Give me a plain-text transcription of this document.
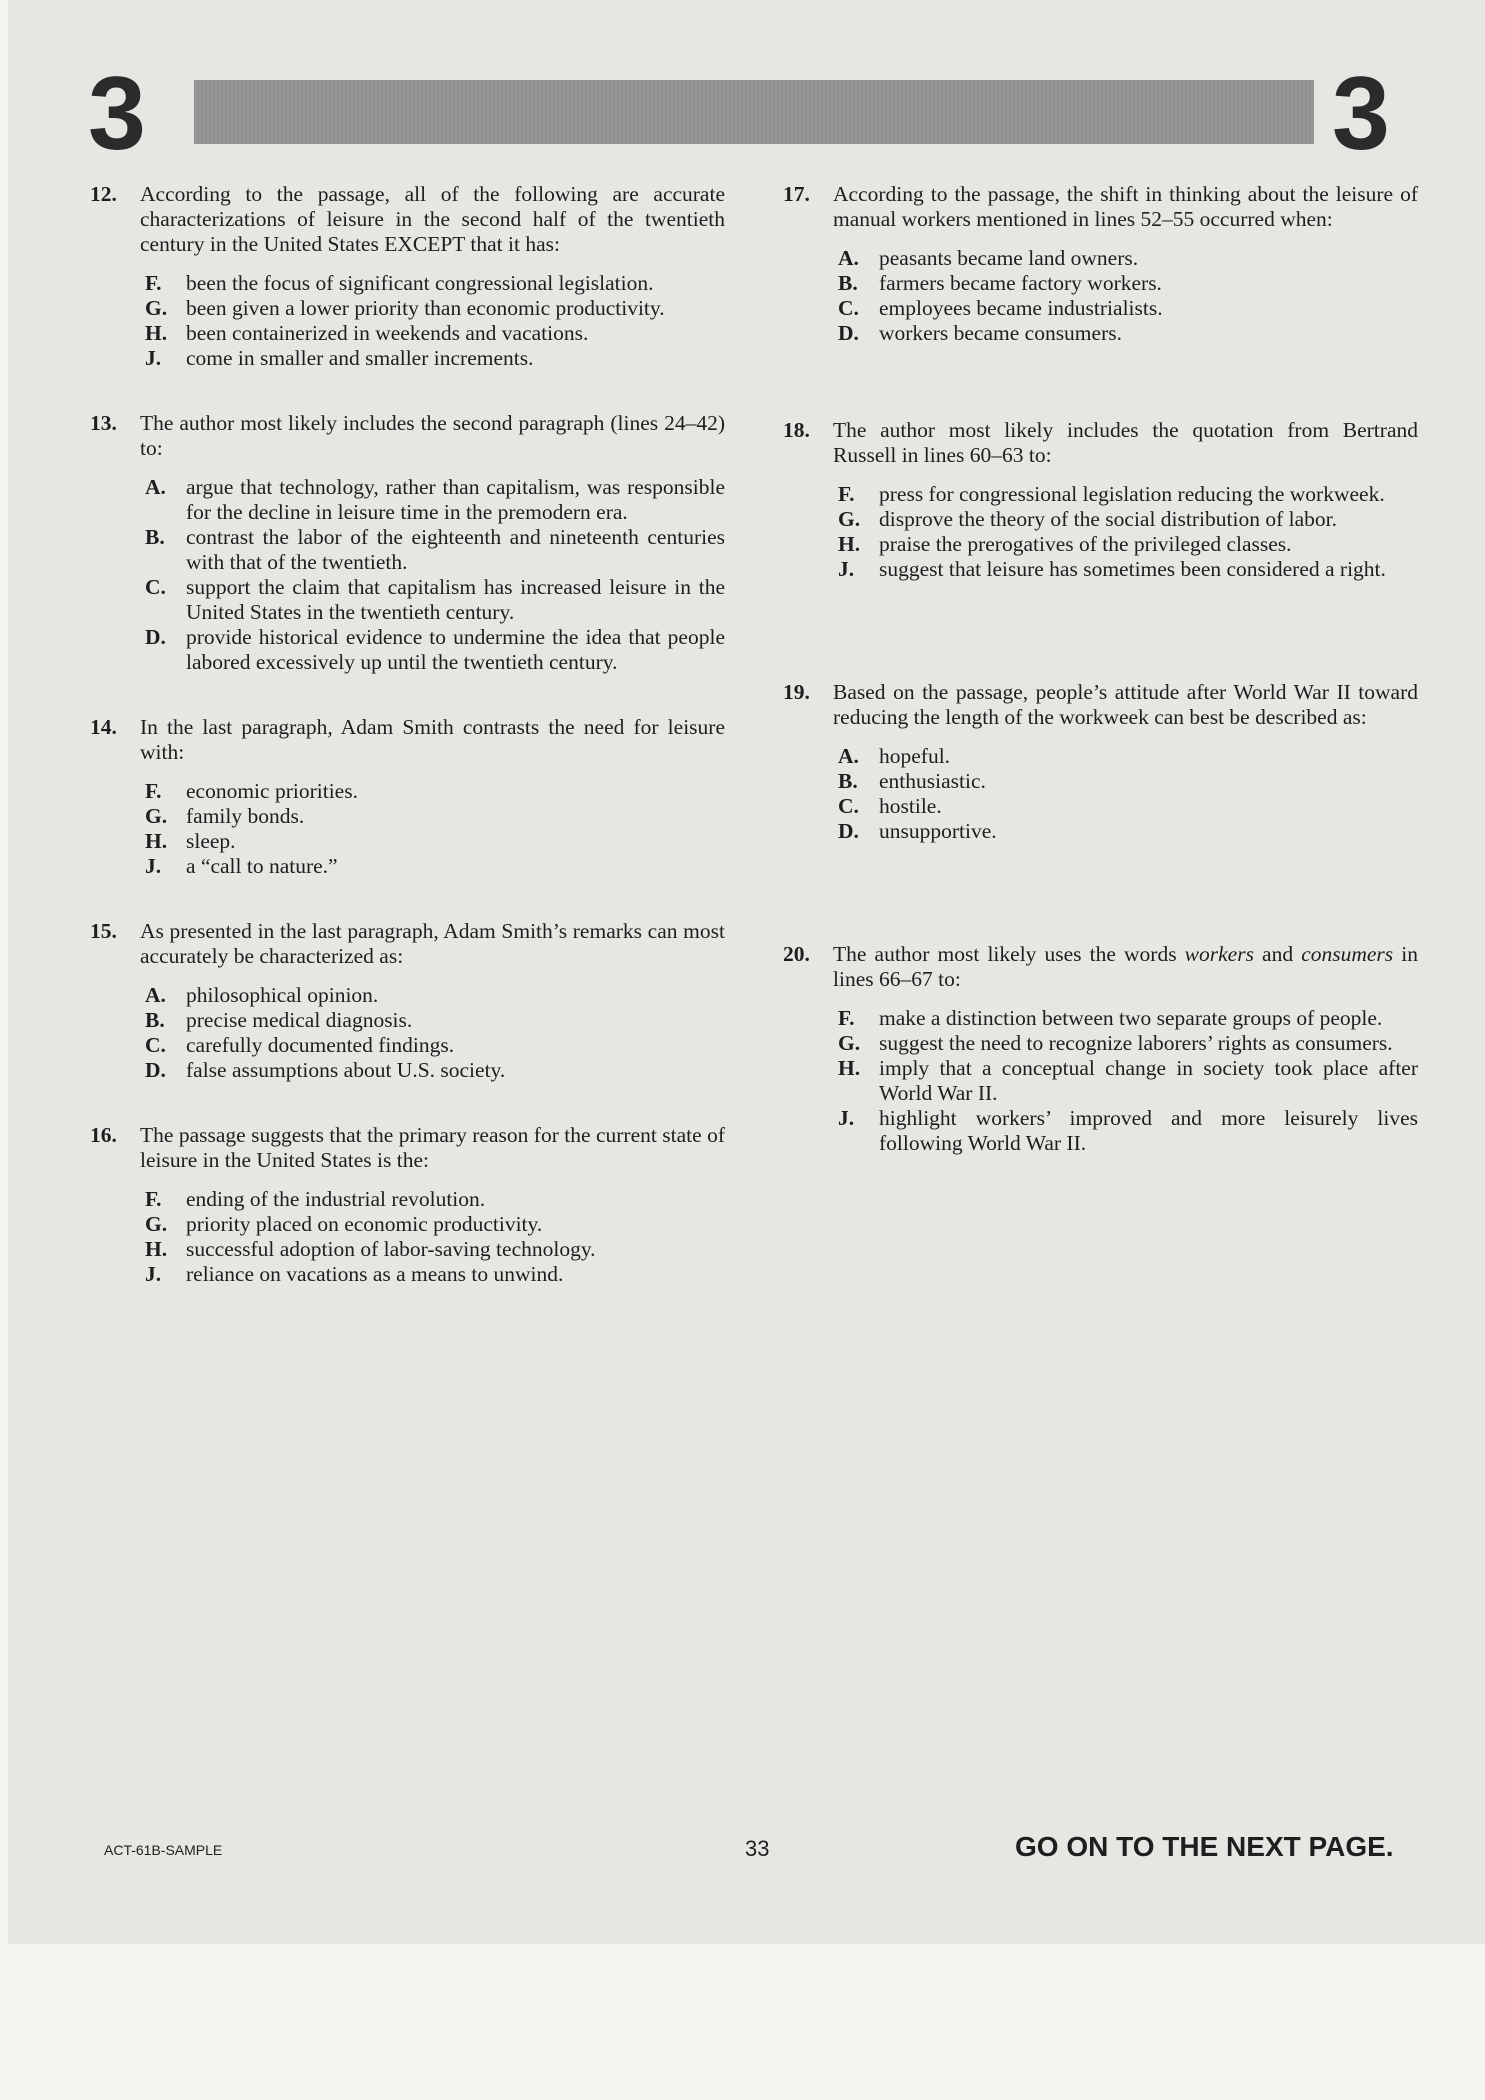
3	3
12. According to the passage, all of the following are accurate characterizations of leisure in the second half of the twentieth century in the United States EXCEPT that it has:
F. been the focus of significant congressional legislation.
G. been given a lower priority than economic productivity.
H. been containerized in weekends and vacations.
J. come in smaller and smaller increments.
13. The author most likely includes the second paragraph (lines 24–42) to:
A. argue that technology, rather than capitalism, was responsible for the decline in leisure time in the premodern era.
B. contrast the labor of the eighteenth and nineteenth centuries with that of the twentieth.
C. support the claim that capitalism has increased leisure in the United States in the twentieth century.
D. provide historical evidence to undermine the idea that people labored excessively up until the twentieth century.
14. In the last paragraph, Adam Smith contrasts the need for leisure with:
F. economic priorities.
G. family bonds.
H. sleep.
J. a “call to nature.”
15. As presented in the last paragraph, Adam Smith’s remarks can most accurately be characterized as:
A. philosophical opinion.
B. precise medical diagnosis.
C. carefully documented findings.
D. false assumptions about U.S. society.
16. The passage suggests that the primary reason for the current state of leisure in the United States is the:
F. ending of the industrial revolution.
G. priority placed on economic productivity.
H. successful adoption of labor-saving technology.
J. reliance on vacations as a means to unwind.
17. According to the passage, the shift in thinking about the leisure of manual workers mentioned in lines 52–55 occurred when:
A. peasants became land owners.
B. farmers became factory workers.
C. employees became industrialists.
D. workers became consumers.
18. The author most likely includes the quotation from Bertrand Russell in lines 60–63 to:
F. press for congressional legislation reducing the workweek.
G. disprove the theory of the social distribution of labor.
H. praise the prerogatives of the privileged classes.
J. suggest that leisure has sometimes been considered a right.
19. Based on the passage, people’s attitude after World War II toward reducing the length of the workweek can best be described as:
A. hopeful.
B. enthusiastic.
C. hostile.
D. unsupportive.
20. The author most likely uses the words workers and consumers in lines 66–67 to:
F. make a distinction between two separate groups of people.
G. suggest the need to recognize laborers’ rights as consumers.
H. imply that a conceptual change in society took place after World War II.
J. highlight workers’ improved and more leisurely lives following World War II.
ACT-61B-SAMPLE	33	GO ON TO THE NEXT PAGE.
